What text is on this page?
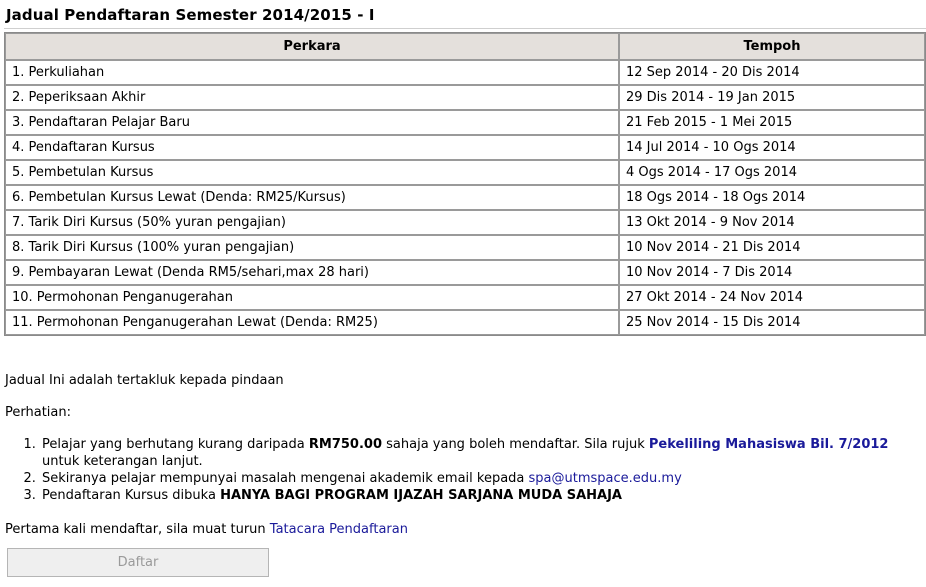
Jadual Pendaftaran Semester 2014/2015 - I
Perkara	Tempoh
1. Perkuliahan	12 Sep 2014 - 20 Dis 2014
2. Peperiksaan Akhir	29 Dis 2014 - 19 Jan 2015
3. Pendaftaran Pelajar Baru	21 Feb 2015 - 1 Mei 2015
4. Pendaftaran Kursus	14 Jul 2014 - 10 Ogs 2014
5. Pembetulan Kursus	4 Ogs 2014 - 17 Ogs 2014
6. Pembetulan Kursus Lewat (Denda: RM25/Kursus)	18 Ogs 2014 - 18 Ogs 2014
7. Tarik Diri Kursus (50% yuran pengajian)	13 Okt 2014 - 9 Nov 2014
8. Tarik Diri Kursus (100% yuran pengajian)	10 Nov 2014 - 21 Dis 2014
9. Pembayaran Lewat (Denda RM5/sehari,max 28 hari)	10 Nov 2014 - 7 Dis 2014
10. Permohonan Penganugerahan	27 Okt 2014 - 24 Nov 2014
11. Permohonan Penganugerahan Lewat (Denda: RM25)	25 Nov 2014 - 15 Dis 2014
Jadual Ini adalah tertakluk kepada pindaan
Perhatian:
1. Pelajar yang berhutang kurang daripada RM750.00 sahaja yang boleh mendaftar. Sila rujuk Pekeliling Mahasiswa Bil. 7/2012 untuk keterangan lanjut.
2. Sekiranya pelajar mempunyai masalah mengenai akademik email kepada spa@utmspace.edu.my
3. Pendaftaran Kursus dibuka HANYA BAGI PROGRAM IJAZAH SARJANA MUDA SAHAJA
Pertama kali mendaftar, sila muat turun Tatacara Pendaftaran
Daftar
